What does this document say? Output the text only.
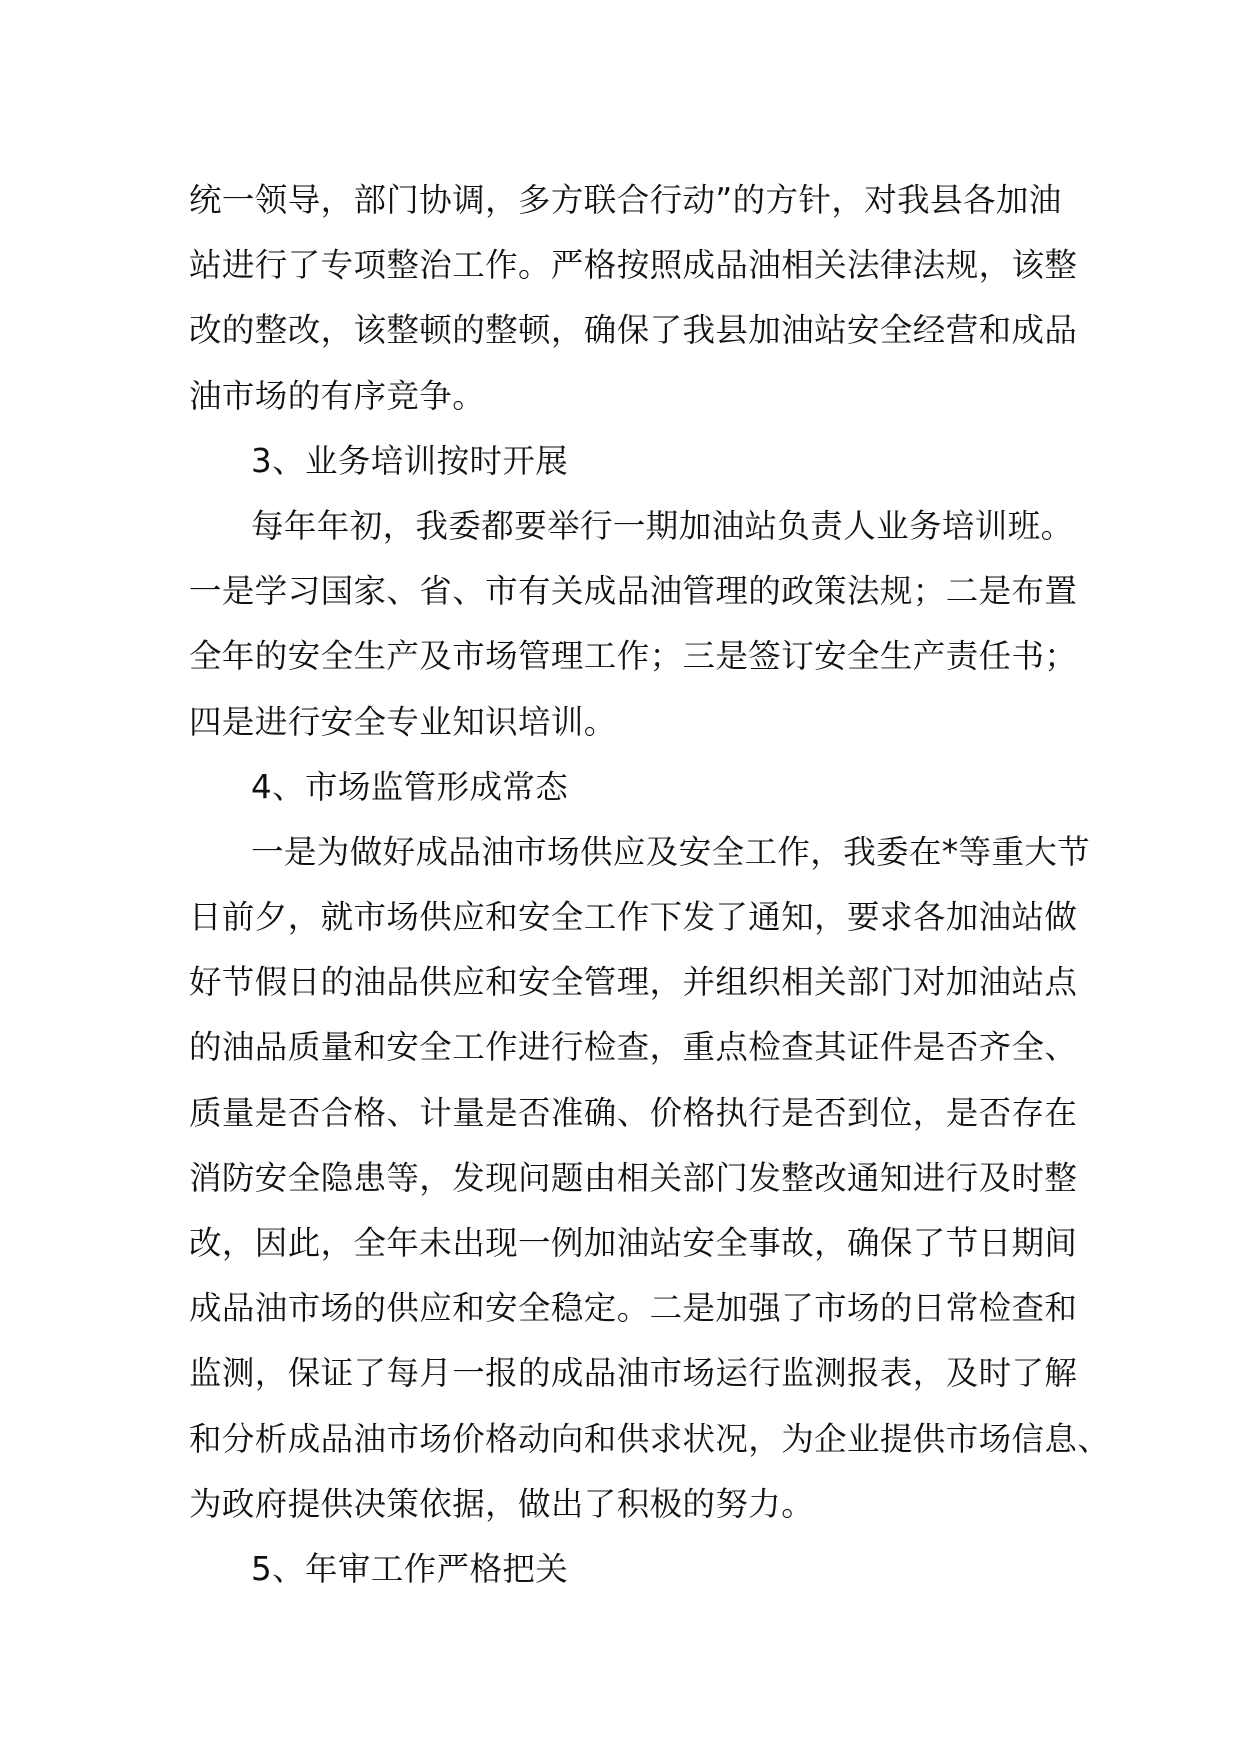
统一领导，部门协调，多方联合行动”的方针，对我县各加油
站进行了专项整治工作。严格按照成品油相关法律法规，该整
改的整改，该整顿的整顿，确保了我县加油站安全经营和成品
油市场的有序竞争。
3、业务培训按时开展
每年年初，我委都要举行一期加油站负责人业务培训班。
一是学习国家、省、市有关成品油管理的政策法规；二是布置
全年的安全生产及市场管理工作；三是签订安全生产责任书；
四是进行安全专业知识培训。
4、市场监管形成常态
一是为做好成品油市场供应及安全工作，我委在*等重大节
日前夕，就市场供应和安全工作下发了通知，要求各加油站做
好节假日的油品供应和安全管理，并组织相关部门对加油站点
的油品质量和安全工作进行检查，重点检查其证件是否齐全、
质量是否合格、计量是否准确、价格执行是否到位，是否存在
消防安全隐患等，发现问题由相关部门发整改通知进行及时整
改，因此，全年未出现一例加油站安全事故，确保了节日期间
成品油市场的供应和安全稳定。二是加强了市场的日常检查和
监测，保证了每月一报的成品油市场运行监测报表，及时了解
和分析成品油市场价格动向和供求状况，为企业提供市场信息、
为政府提供决策依据，做出了积极的努力。
5、年审工作严格把关
